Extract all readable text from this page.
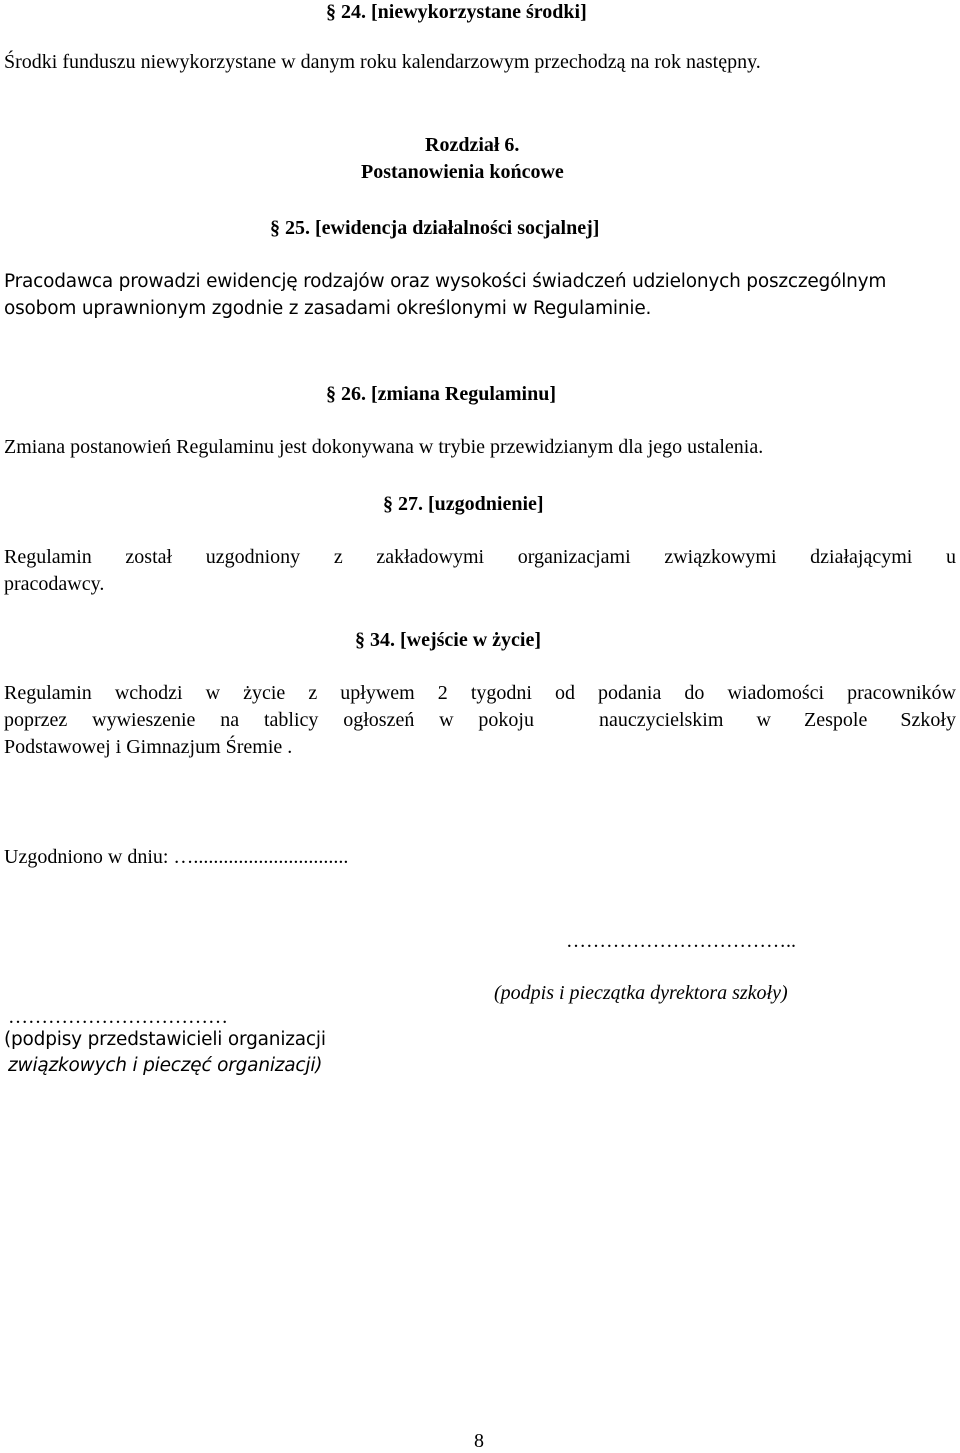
§ 24. [niewykorzystane środki]
Środki funduszu niewykorzystane w danym roku kalendarzowym przechodzą na rok następny.
Rozdział 6.
Postanowienia końcowe
§ 25. [ewidencja działalności socjalnej]
Pracodawca prowadzi ewidencję rodzajów oraz wysokości świadczeń udzielonych poszczególnym
osobom uprawnionym zgodnie z zasadami określonymi w Regulaminie.
§ 26. [zmiana Regulaminu]
Zmiana postanowień Regulaminu jest dokonywana w trybie przewidzianym dla jego ustalenia.
§ 27. [uzgodnienie]
Regulamin został uzgodniony z zakładowymi organizacjami związkowymi działającymi u
pracodawcy.
§ 34. [wejście w życie]
Regulamin wchodzi w życie z upływem 2 tygodni od podania do wiadomości pracowników
poprzez wywieszenie na tablicy ogłoszeń w pokoju	nauczycielskim w Zespole Szkoły
Podstawowej i Gimnazjum Śremie .
Uzgodniono w dniu: …...............................
……………………………..
(podpis i pieczątka dyrektora szkoły)
……………………………
(podpisy przedstawicieli organizacji
związkowych i pieczęć organizacji)
8
